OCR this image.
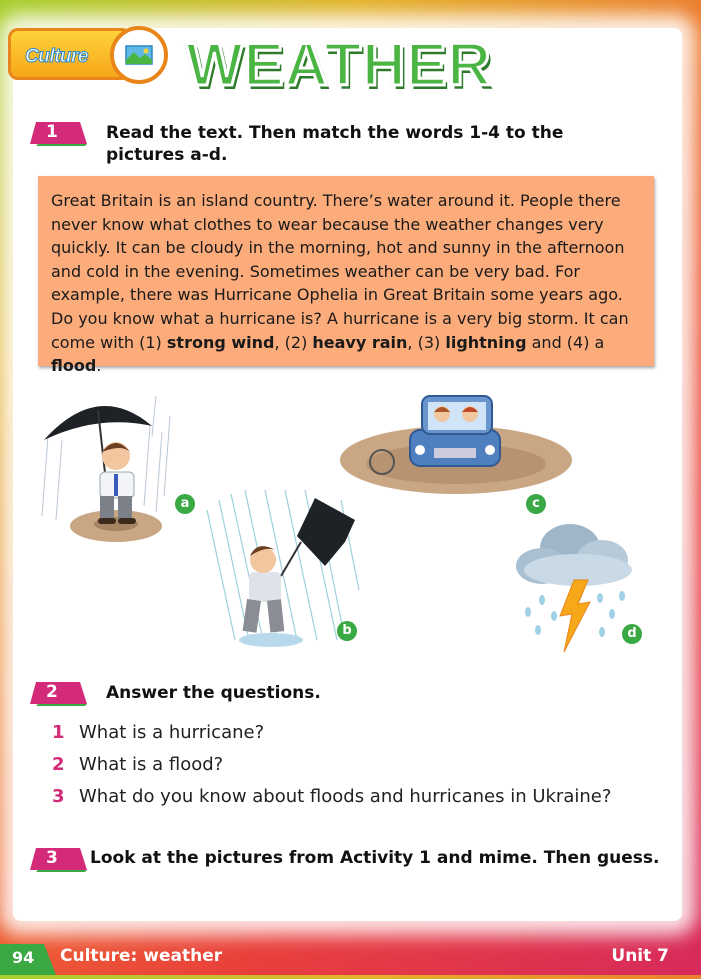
Culture WEATHER
1	Read the text. Then match the words 1-4 to the
pictures a-d.

Great Britain is an island country. There’s water around it. People there

never know what clothes to wear because the weather changes very

quickly. It can be cloudy in the morning, hot and sunny in the afternoon

and cold in the evening. Sometimes weather can be very bad. For

example, there was Hurricane Ophelia in Great Britain some years ago.

Do you know what a hurricane is? A hurricane is a very big storm. It can

come with (1) strong wind, (2) heavy rain, (3) lightning and (4) a flood.

a
b
c
d
2	Answer the questions.
1 What is a hurricane?
2 What is a flood?
3 What do you know about floods and hurricanes in Ukraine?
3 Look at the pictures from Activity 1 and mime. Then guess.
94 Culture: weather	Unit 7
